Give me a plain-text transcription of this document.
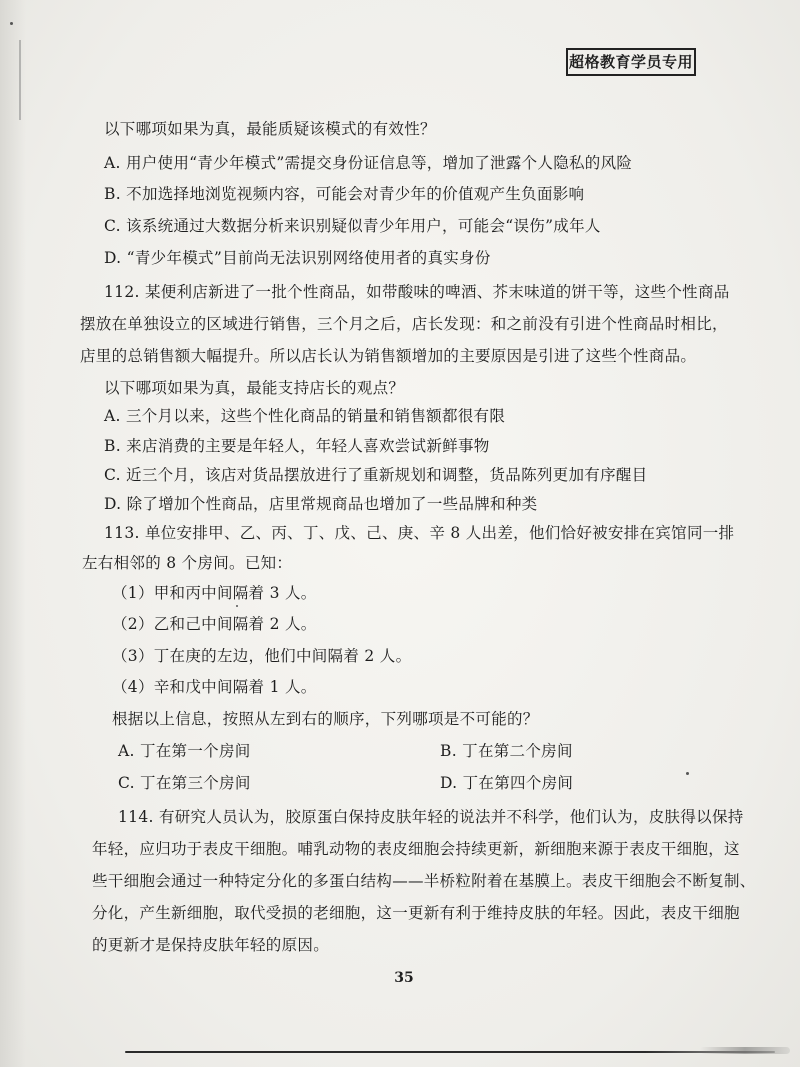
超格教育学员专用
以下哪项如果为真，最能质疑该模式的有效性？
A. 用户使用“青少年模式”需提交身份证信息等，增加了泄露个人隐私的风险
B. 不加选择地浏览视频内容，可能会对青少年的价值观产生负面影响
C. 该系统通过大数据分析来识别疑似青少年用户，可能会“误伤”成年人
D. “青少年模式”目前尚无法识别网络使用者的真实身份
112. 某便利店新进了一批个性商品，如带酸味的啤酒、芥末味道的饼干等，这些个性商品
摆放在单独设立的区域进行销售，三个月之后，店长发现：和之前没有引进个性商品时相比，
店里的总销售额大幅提升。所以店长认为销售额增加的主要原因是引进了这些个性商品。
以下哪项如果为真，最能支持店长的观点？
A. 三个月以来，这些个性化商品的销量和销售额都很有限
B. 来店消费的主要是年轻人，年轻人喜欢尝试新鲜事物
C. 近三个月，该店对货品摆放进行了重新规划和调整，货品陈列更加有序醒目
D. 除了增加个性商品，店里常规商品也增加了一些品牌和种类
113. 单位安排甲、乙、丙、丁、戊、己、庚、辛 8 人出差，他们恰好被安排在宾馆同一排
左右相邻的 8 个房间。已知：
（1）甲和丙中间隔着 3 人。
（2）乙和己中间隔着 2 人。
（3）丁在庚的左边，他们中间隔着 2 人。
（4）辛和戊中间隔着 1 人。
根据以上信息，按照从左到右的顺序，下列哪项是不可能的？
A. 丁在第一个房间	B. 丁在第二个房间
C. 丁在第三个房间	D. 丁在第四个房间
114. 有研究人员认为，胶原蛋白保持皮肤年轻的说法并不科学，他们认为，皮肤得以保持
年轻，应归功于表皮干细胞。哺乳动物的表皮细胞会持续更新，新细胞来源于表皮干细胞，这
些干细胞会通过一种特定分化的多蛋白结构——半桥粒附着在基膜上。表皮干细胞会不断复制、
分化，产生新细胞，取代受损的老细胞，这一更新有利于维持皮肤的年轻。因此，表皮干细胞
的更新才是保持皮肤年轻的原因。
35
